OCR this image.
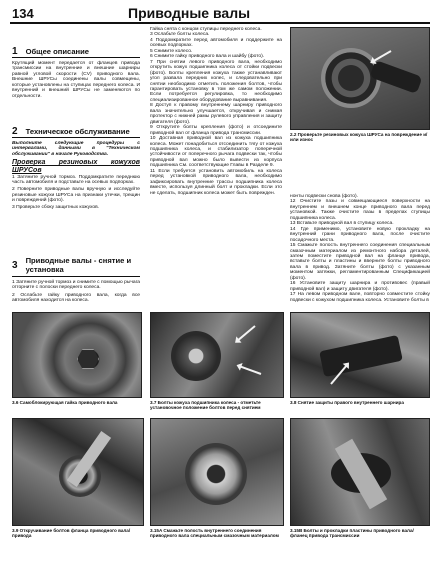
134	Приводные валы
1 Общее описание

Крутящий момент передается от фланцев привода трансмиссии на внутренние и внешние шарниры равной угловой скорости (CV) приводного вала. Внешние ШРУСы соединены валы совмещены, которые установлены на ступицах переднего колеса. И внутренний и внешний ШРУСы не заменяются по отдельности.

2 Техническое обслуживание

Выполните следующие процедуры с интервалами, данными в "Техническом обслуживании" в начале Руководства.

Проверка резиновых кожухов ШРУСов

1 Затяните ручной тормоз. Поддомкратите переднюю часть автомобиля и подставьте на осевых подпорках.

2 Поверните приводные валы вручную и исследуйте резиновые кожухи ШРУСа на признаки утечки, трещин и повреждений (фото).

3 Проверьте сбоку защитных кожухов.

3 Приводные валы - снятие и установка

1 Затяните ручной тормоз и снимите с помощью рычага отгорните с полоски переднего колеса.

2 Ослабьте гайку приводного вала, когда все автомобиля находится на колеса.

Гайка снята с концом ступицы переднего колеса.
3 Ослабьте болты колеса.
4 Поддомкратите перед автомобиля и поддержите на осевых подпорках.
5 Снимите колесо.
6 Снимите гайку приводного вала и шайбу (фото).
7 При снятии левого приводного вала, необходимо открутить кожух подшипника колеса от стойки подвески (фото). Болты крепления кожуха также устанавливают угол развала передних колес, и следовательно при снятии необходимо отметить положения болтов, чтобы гарантировать установку в том же самом положении. Если потребуется регулировка, то необходимо специализированное оборудование выравнивания.
8 Доступ к правому внутреннему шарниру приводного вала значительно улучшается, откручивая и снимая протектор с нижней рамы рулевого управления и защиту двигателя (фото).
9 Открутите болты крепления (фото) и отсоедините приводной вал от фланца привода трансмиссии.
10 Доставная приводной вал из кожуха подшипника колеса. Может понадобиться отсоединить тягу от кожуха подшипника колеса, и стабилизатор поперечной устойчивости от поперечного рычага подвески так, чтобы приводной вал можно было вывести из корпуса подшипника См. соответствующие Главы в Разделе 9.
11 Если требуется установить автомобиль на колеса перед установкой приводного вала, необходимо зафиксировать внутренние трассы подшипника колеса вместе, используя длинный болт и прокладки. Если это не сделать, подшипник колеса может быть поврежден.
нонты подвески снова (фото).
12 Очистите пазы и совмещающиеся поверхности на внутреннем и внешнем конце приводного вала перед установкой. Также очистите пазы в пределах ступицы подшипника колеса.
13 Вставьте приводной вал в ступицу колеса.
14 Где применимо, установите новую прокладку на внутренний грани приводного вала, после очистите посадочного места.
15 Смажьте полость внутреннего соединения специальным смазочным материалом из ремонтного набора деталей, затем поместите приводной вал на фланце привода, вставьте болты и пластины и вверните болты приводного вала в привод. Затяните болты (фото) с указанным моментом затяжки, регламентированным Спецификацией (фото).
16 Установите защиту шарнира и противовес (правый приводной вал) и защиту двигателя (фото).
17 На левом приводном вале, повторно совместите стойку подвески с кожухом подшипника колеса. Установите болты в
2.2 Проверьте резиновых кожуха ШРУСа на повреждение и/или износ
3.6 Самоблокирующая гайка приводного вала	3.7 Болты кожуха подшипника колеса - отметьте установочное положение болтов перед снятием
3.8 Снятие защиты правого внутреннего шарнира
3.9 Откручивание болтов фланца приводного вала/привода
3.15A Смажьте полость внутреннего соединения приводного вала специальным смазочным материалом
3.15B Болты и прокладки пластины приводного вала/фланец привода трансмиссии
